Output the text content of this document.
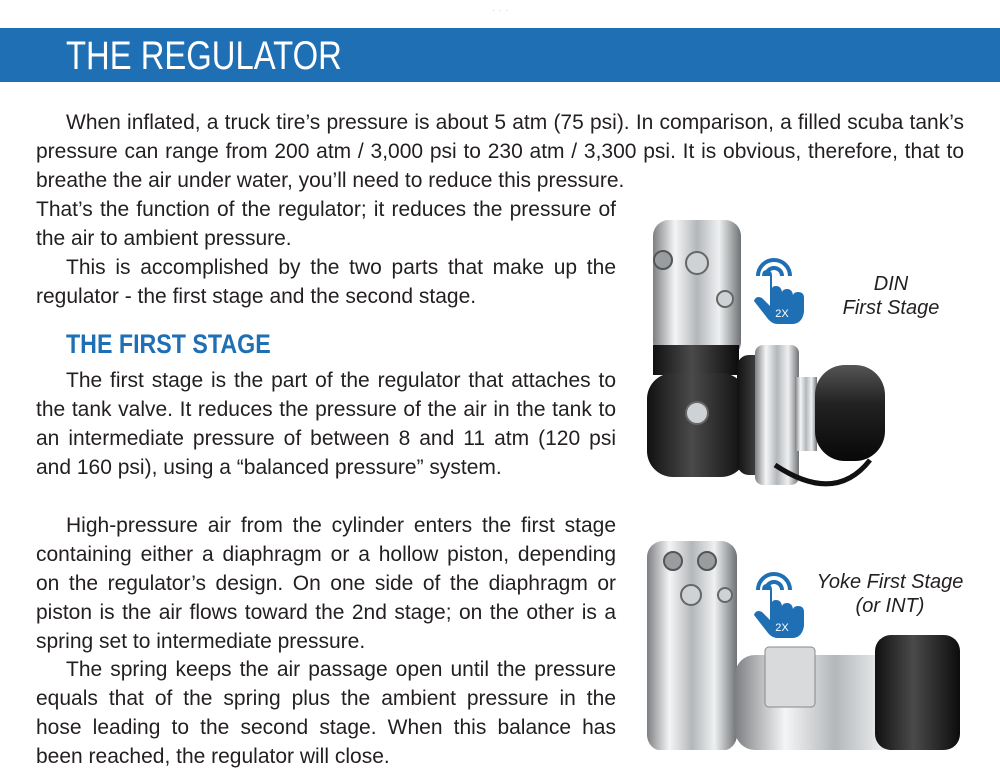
· · ·
THE REGULATOR

When inflated, a truck tire’s pressure is about 5 atm (75 psi). In comparison, a filled scuba tank’s pressure can range from 200 atm / 3,000 psi to 230 atm / 3,300 psi. It is obvious, therefore, that to breathe the air under water, you’ll need to reduce this pressure.

That’s the function of the regulator; it reduces the pressure of the air to ambient pressure.

This is accomplished by the two parts that make up the regulator - the first stage and the second stage.

THE FIRST STAGE

The first stage is the part of the regulator that attaches to the tank valve. It reduces the pressure of the air in the tank to an intermediate pressure of between 8 and 11 atm (120 psi and 160 psi), using a “balanced pressure” system.

High-pressure air from the cylinder enters the first stage containing either a diaphragm or a hollow piston, depending on the regulator’s design. On one side of the diaphragm or piston is the air flows toward the 2nd stage; on the other is a spring set to intermediate pressure.

The spring keeps the air passage open until the pressure equals that of the spring plus the ambient pressure in the hose leading to the second stage. When this balance has been reached, the regulator will close.

2X
DIN
First Stage
2X
Yoke First Stage
(or INT)
